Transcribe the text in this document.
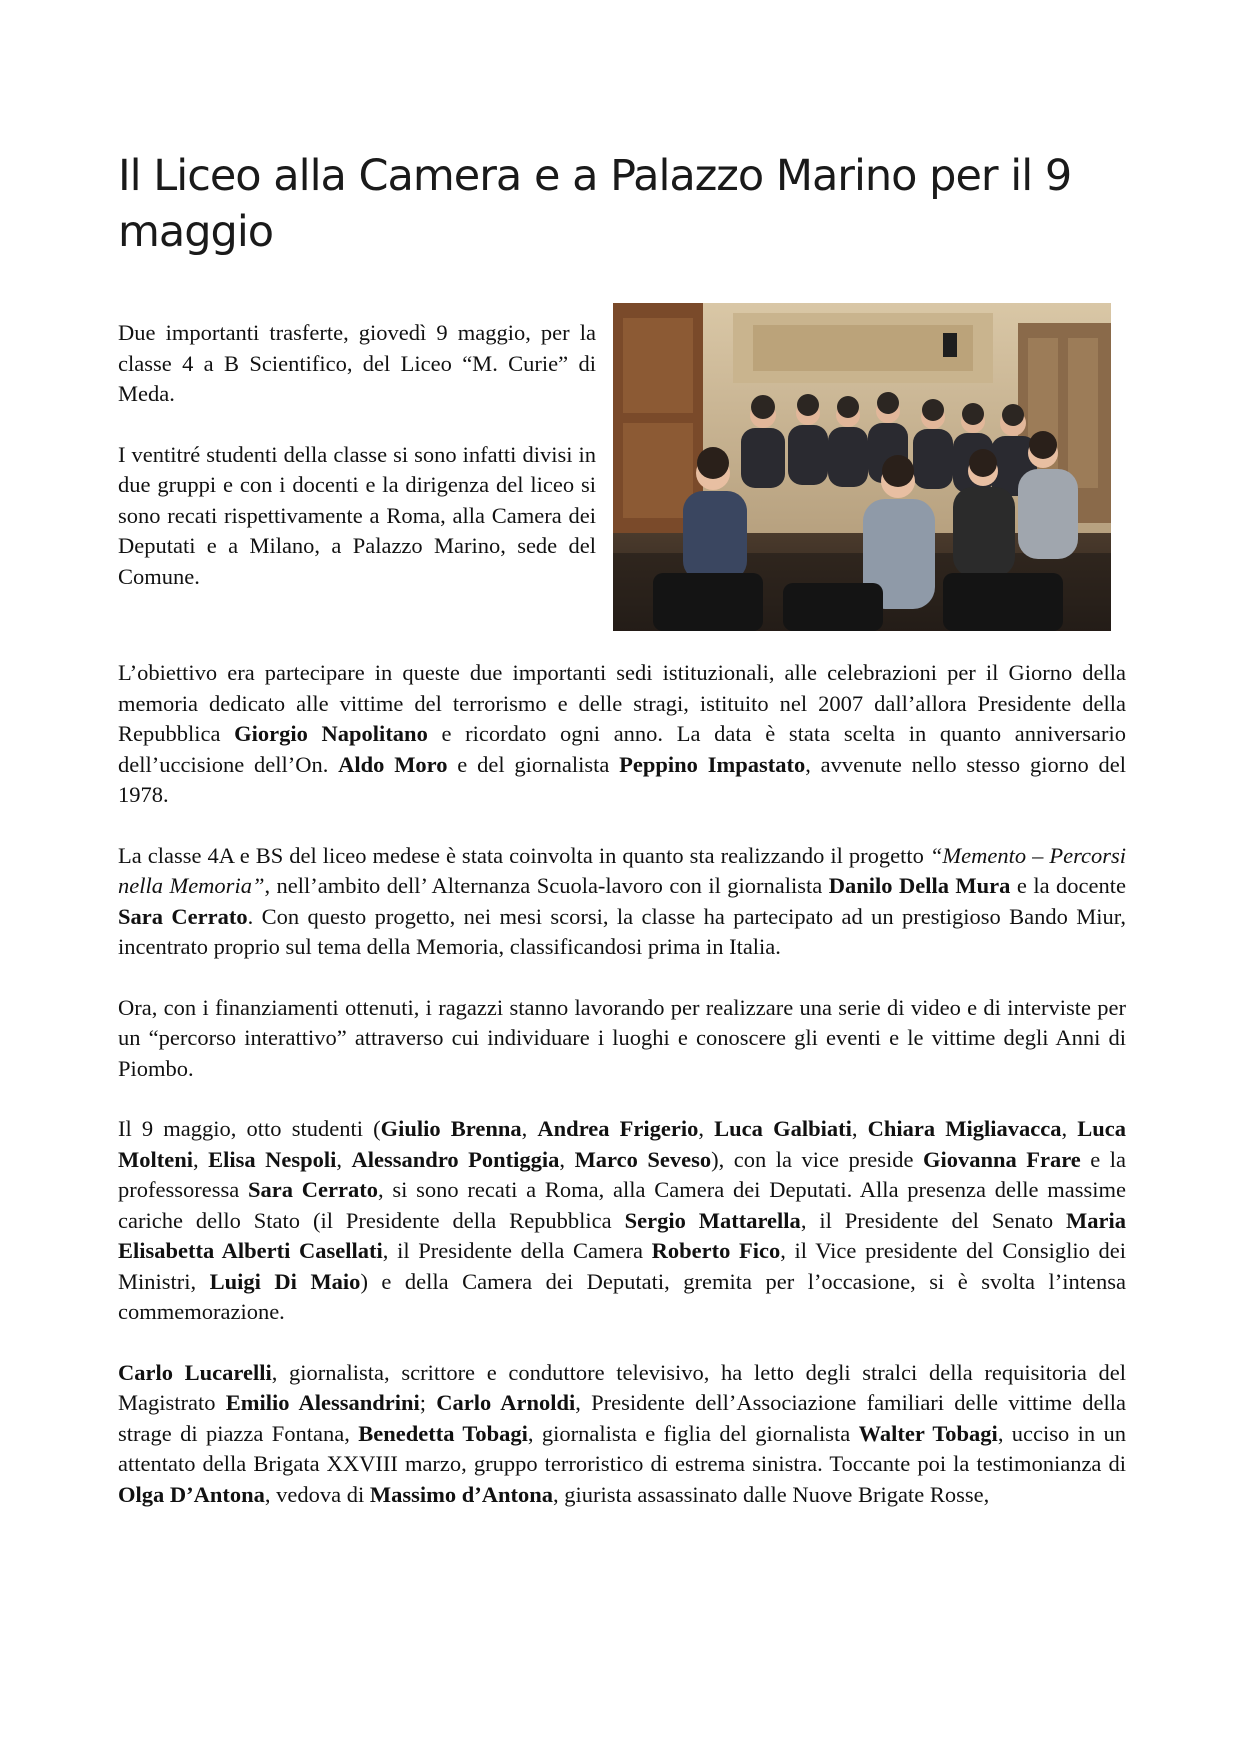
Il Liceo alla Camera e a Palazzo Marino per il 9 maggio

Due importanti trasferte, giovedì 9 maggio, per la classe 4 a B Scientifico, del Liceo “M. Curie” di Meda.

I ventitré studenti della classe si sono infatti divisi in due gruppi e con i docenti e la dirigenza del liceo si sono recati rispettivamente a Roma, alla Camera dei Deputati e a Milano, a Palazzo Marino, sede del Comune.

L’obiettivo era partecipare in queste due importanti sedi istituzionali, alle celebrazioni per il Giorno della memoria dedicato alle vittime del terrorismo e delle stragi, istituito nel 2007 dall’allora Presidente della Repubblica Giorgio Napolitano e ricordato ogni anno. La data è stata scelta in quanto anniversario dell’uccisione dell’On. Aldo Moro e del giornalista Peppino Impastato, avvenute nello stesso giorno del 1978.

La classe 4A e BS del liceo medese è stata coinvolta in quanto sta realizzando il progetto “Memento – Percorsi nella Memoria”, nell’ambito dell’ Alternanza Scuola-lavoro con il giornalista Danilo Della Mura e la docente Sara Cerrato. Con questo progetto, nei mesi scorsi, la classe ha partecipato ad un prestigioso Bando Miur, incentrato proprio sul tema della Memoria, classificandosi prima in Italia.

Ora, con i finanziamenti ottenuti, i ragazzi stanno lavorando per realizzare una serie di video e di interviste per un “percorso interattivo” attraverso cui individuare i luoghi e conoscere gli eventi e le vittime degli Anni di Piombo.

Il 9 maggio, otto studenti (Giulio Brenna, Andrea Frigerio, Luca Galbiati, Chiara Migliavacca, Luca Molteni, Elisa Nespoli, Alessandro Pontiggia, Marco Seveso), con la vice preside Giovanna Frare e la professoressa Sara Cerrato, si sono recati a Roma, alla Camera dei Deputati. Alla presenza delle massime cariche dello Stato (il Presidente della Repubblica Sergio Mattarella, il Presidente del Senato Maria Elisabetta Alberti Casellati, il Presidente della Camera Roberto Fico, il Vice presidente del Consiglio dei Ministri, Luigi Di Maio) e della Camera dei Deputati, gremita per l’occasione, si è svolta l’intensa commemorazione.

Carlo Lucarelli, giornalista, scrittore e conduttore televisivo, ha letto degli stralci della requisitoria del Magistrato Emilio Alessandrini; Carlo Arnoldi, Presidente dell’Associazione familiari delle vittime della strage di piazza Fontana, Benedetta Tobagi, giornalista e figlia del giornalista Walter Tobagi, ucciso in un attentato della Brigata XXVIII marzo, gruppo terroristico di estrema sinistra. Toccante poi la testimonianza di Olga D’Antona, vedova di Massimo d’Antona, giurista assassinato dalle Nuove Brigate Rosse,
